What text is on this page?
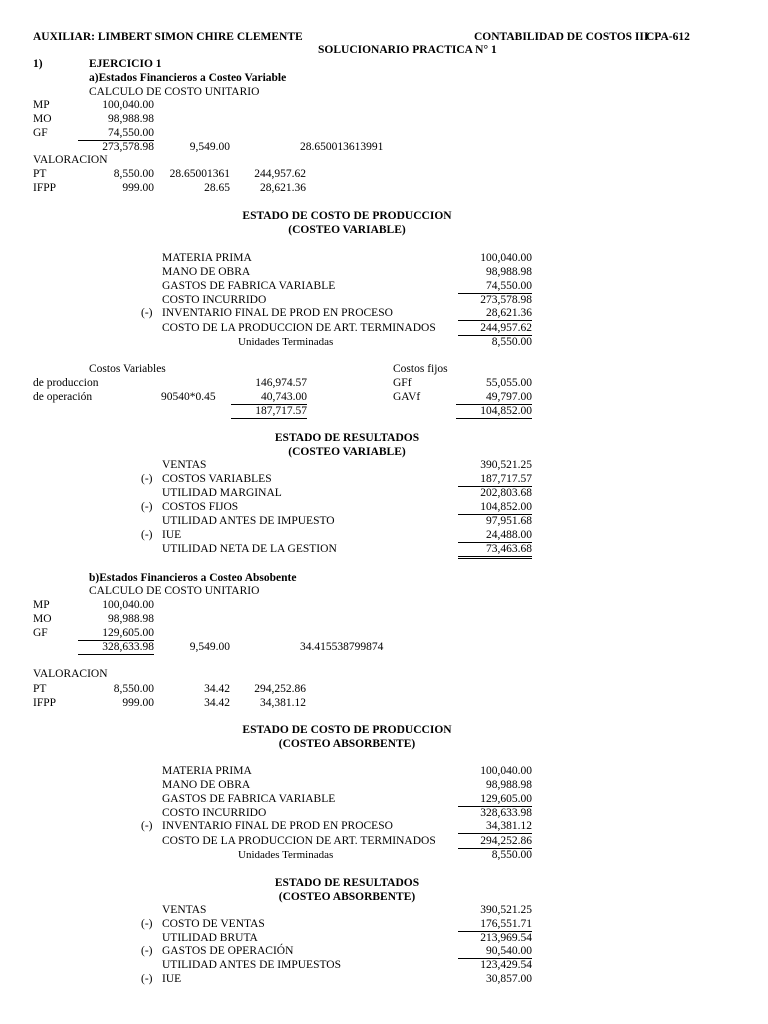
AUXILIAR: LIMBERT SIMON CHIRE CLEMENTE	CONTABILIDAD DE COSTOS III
CPA-612
SOLUCIONARIO PRACTICA N° 1
1)	EJERCICIO 1
a)Estados Financieros a Costeo Variable
CALCULO DE COSTO UNITARIO
MP	100,040.00
MO	98,988.98
GF	74,550.00
273,578.98	9,549.00	28.650013613991
VALORACION
PT	8,550.00	28.65001361	244,957.62
IFPP	999.00	28.65	28,621.36
ESTADO DE COSTO DE PRODUCCION
(COSTEO VARIABLE)
MATERIA PRIMA	100,040.00
MANO DE OBRA	98,988.98
GASTOS DE FABRICA VARIABLE	74,550.00
COSTO INCURRIDO	273,578.98
(-) INVENTARIO FINAL DE PROD EN PROCESO	28,621.36
COSTO DE LA PRODUCCION DE ART. TERMINADOS	244,957.62
Unidades Terminadas	8,550.00
Costos Variables	Costos fijos
de produccion	146,974.57	GFf	55,055.00
de operación	90540*0.45	40,743.00	GAVf	49,797.00
187,717.57	104,852.00
ESTADO DE RESULTADOS
(COSTEO VARIABLE)
VENTAS	390,521.25
(-) COSTOS VARIABLES	187,717.57
UTILIDAD MARGINAL	202,803.68
(-) COSTOS FIJOS	104,852.00
UTILIDAD ANTES DE IMPUESTO	97,951.68
(-) IUE	24,488.00
UTILIDAD NETA DE LA GESTION	73,463.68
b)Estados Financieros a Costeo Absobente
CALCULO DE COSTO UNITARIO
MP	100,040.00
MO	98,988.98
GF	129,605.00
328,633.98	9,549.00	34.415538799874
VALORACION
PT	8,550.00	34.42	294,252.86
IFPP	999.00	34.42	34,381.12
ESTADO DE COSTO DE PRODUCCION
(COSTEO ABSORBENTE)
MATERIA PRIMA	100,040.00
MANO DE OBRA	98,988.98
GASTOS DE FABRICA VARIABLE	129,605.00
COSTO INCURRIDO	328,633.98
(-) INVENTARIO FINAL DE PROD EN PROCESO	34,381.12
COSTO DE LA PRODUCCION DE ART. TERMINADOS	294,252.86
Unidades Terminadas	8,550.00
ESTADO DE RESULTADOS
(COSTEO ABSORBENTE)
VENTAS	390,521.25
(-) COSTO DE VENTAS	176,551.71
UTILIDAD BRUTA	213,969.54
(-) GASTOS DE OPERACIÓN	90,540.00
UTILIDAD ANTES DE IMPUESTOS	123,429.54
(-) IUE	30,857.00
